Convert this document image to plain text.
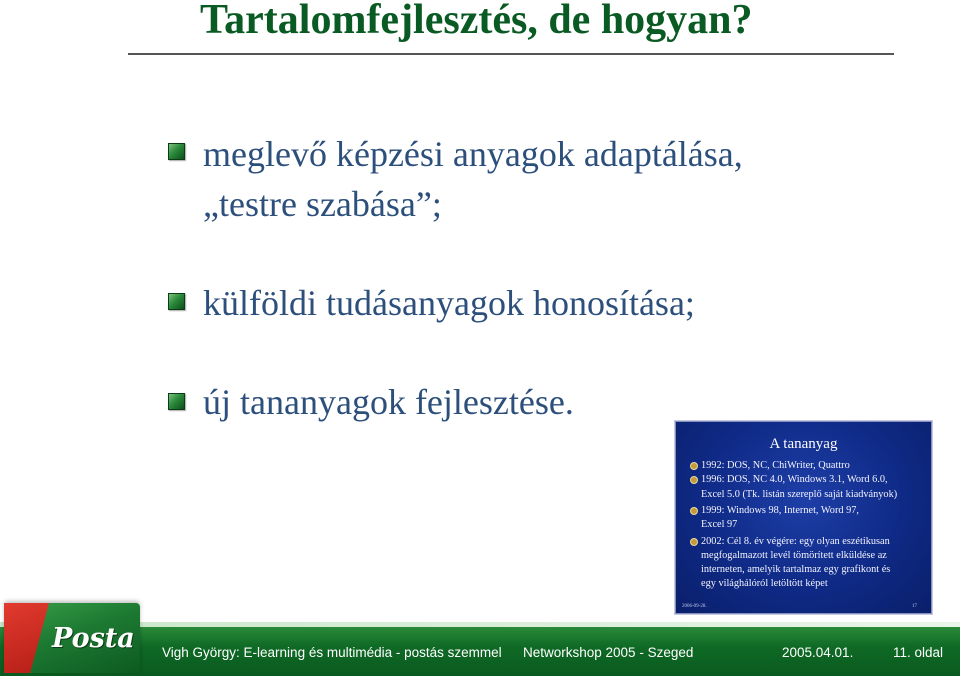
Tartalomfejlesztés, de hogyan?
meglevő képzési anyagok adaptálása,
„testre szabása”;
külföldi tudásanyagok honosítása;
új tananyagok fejlesztése.
A tananyag
1992: DOS, NC, ChiWriter, Quattro
1996: DOS, NC 4.0, Windows 3.1, Word 6.0,
Excel 5.0 (Tk. listán szereplő saját kiadványok)
1999: Windows 98, Internet, Word 97,
Excel 97
2002: Cél 8. év végére: egy olyan eszétikusan
megfogalmazott levél tömörített elküldése az
interneten, amelyik tartalmaz egy grafikont és
egy világhálóról letöltött képet
2006-09-28.	17
Posta Vigh György: E-learning és multimédia - postás szemmel Networkshop 2005 - Szeged	2005.04.01.	11. oldal
